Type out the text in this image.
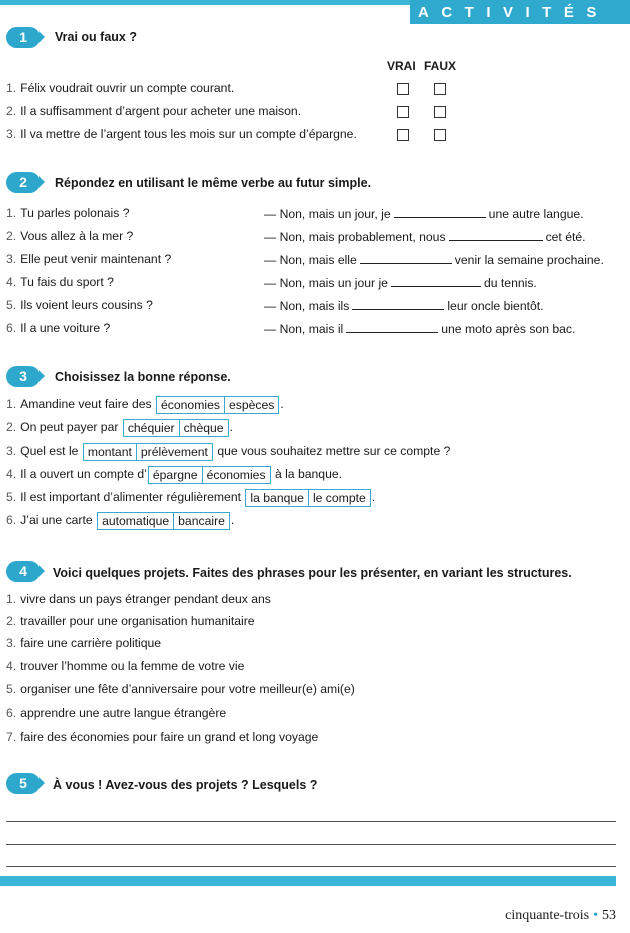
ACTIVITÉS
1	Vrai ou faux ?
VRAI FAUX
1. Félix voudrait ouvrir un compte courant.
2. Il a suffisamment d’argent pour acheter une maison.
3. Il va mettre de l’argent tous les mois sur un compte d’épargne.
2	Répondez en utilisant le même verbe au futur simple.
1. Tu parles polonais ?	— Non, mais un jour, je	une autre langue.
2. Vous allez à la mer ?	— Non, mais probablement, nous	cet été.
3. Elle peut venir maintenant ?	— Non, mais elle	venir la semaine prochaine.
4. Tu fais du sport ?	— Non, mais un jour je	du tennis.
5. Ils voient leurs cousins ?	— Non, mais ils	leur oncle bientôt.
6. Il a une voiture ?	— Non, mais il	une moto après son bac.
3	Choisissez la bonne réponse.
1. Amandine veut faire des économies espèces .
2. On peut payer par chéquier chèque .
3. Quel est le montant prélèvement que vous souhaitez mettre sur ce compte ?
4. Il a ouvert un compte d’ épargne économies à la banque.
5. Il est important d’alimenter régulièrement la banque le compte .
6. J’ai une carte automatique bancaire .
4	Voici quelques projets. Faites des phrases pour les présenter, en variant les structures.
1. vivre dans un pays étranger pendant deux ans
2. travailler pour une organisation humanitaire
3. faire une carrière politique
4. trouver l’homme ou la femme de votre vie
5. organiser une fête d’anniversaire pour votre meilleur(e) ami(e)
6. apprendre une autre langue étrangère
7. faire des économies pour faire un grand et long voyage
5	À vous ! Avez-vous des projets ? Lesquels ?
cinquante-trois • 53
